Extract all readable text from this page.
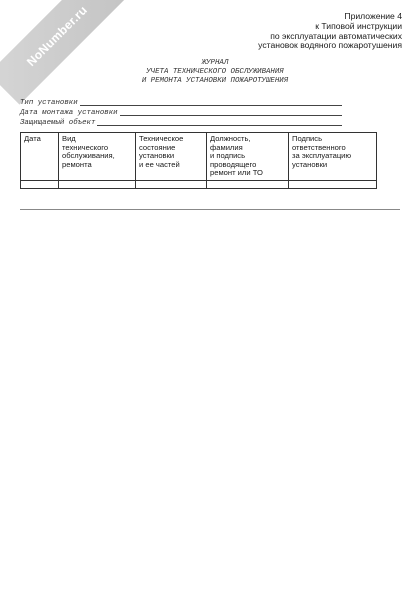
NoNumber.ru	Приложение 4
к Типовой инструкции
по эксплуатации автоматических
установок водяного пожаротушения
ЖУРНАЛ
УЧЕТА ТЕХНИЧЕСКОГО ОБСЛУЖИВАНИЯ
И РЕМОНТА УСТАНОВКИ ПОЖАРОТУШЕНИЯ
Тип установки
Дата монтажа установки
Защищаемый объект
Дата	Вид
технического
обслуживания,
ремонта	Техническое
состояние
установки
и ее частей	Должность,
фамилия
и подпись
проводящего
ремонт или ТО	Подпись
ответственного
за эксплуатацию
установки
